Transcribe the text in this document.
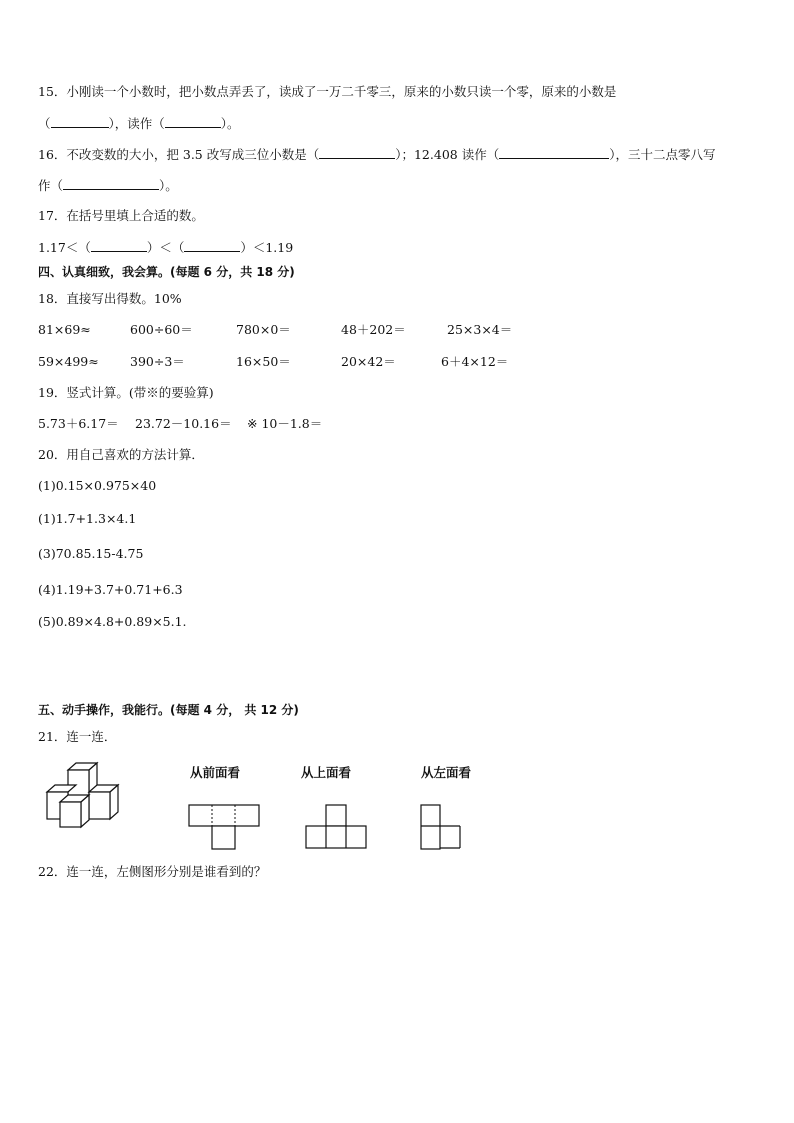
15．小刚读一个小数时，把小数点弄丢了，读成了一万二千零三，原来的小数只读一个零，原来的小数是
（	），读作（	）。
16．不改变数的大小，把 3.5 改写成三位小数是（	）；12.408 读作（	），三十二点零八写
作（	）。
17．在括号里填上合适的数。
1.17＜（	）＜（	）＜1.19
四、认真细致，我会算。(每题 6 分，共 18 分)
18．直接写出得数。10%
81×69≈	600÷60＝	780×0＝	48＋202＝	25×3×4＝
59×499≈	390÷3＝	16×50＝	20×42＝	6＋4×12＝
19．竖式计算。(带※的要验算)
5.73＋6.17＝ 23.72－10.16＝ ※ 10－1.8＝
20．用自己喜欢的方法计算．
(1)0.15×0.975×40
(1)1.7+1.3×4.1
(3)70.85.15-4.75
(4)1.19+3.7+0.71+6.3
(5)0.89×4.8+0.89×5.1.
五、动手操作，我能行。(每题 4 分， 共 12 分)
21．连一连．
从前面看	从上面看	从左面看
22．连一连，左侧图形分别是谁看到的？
